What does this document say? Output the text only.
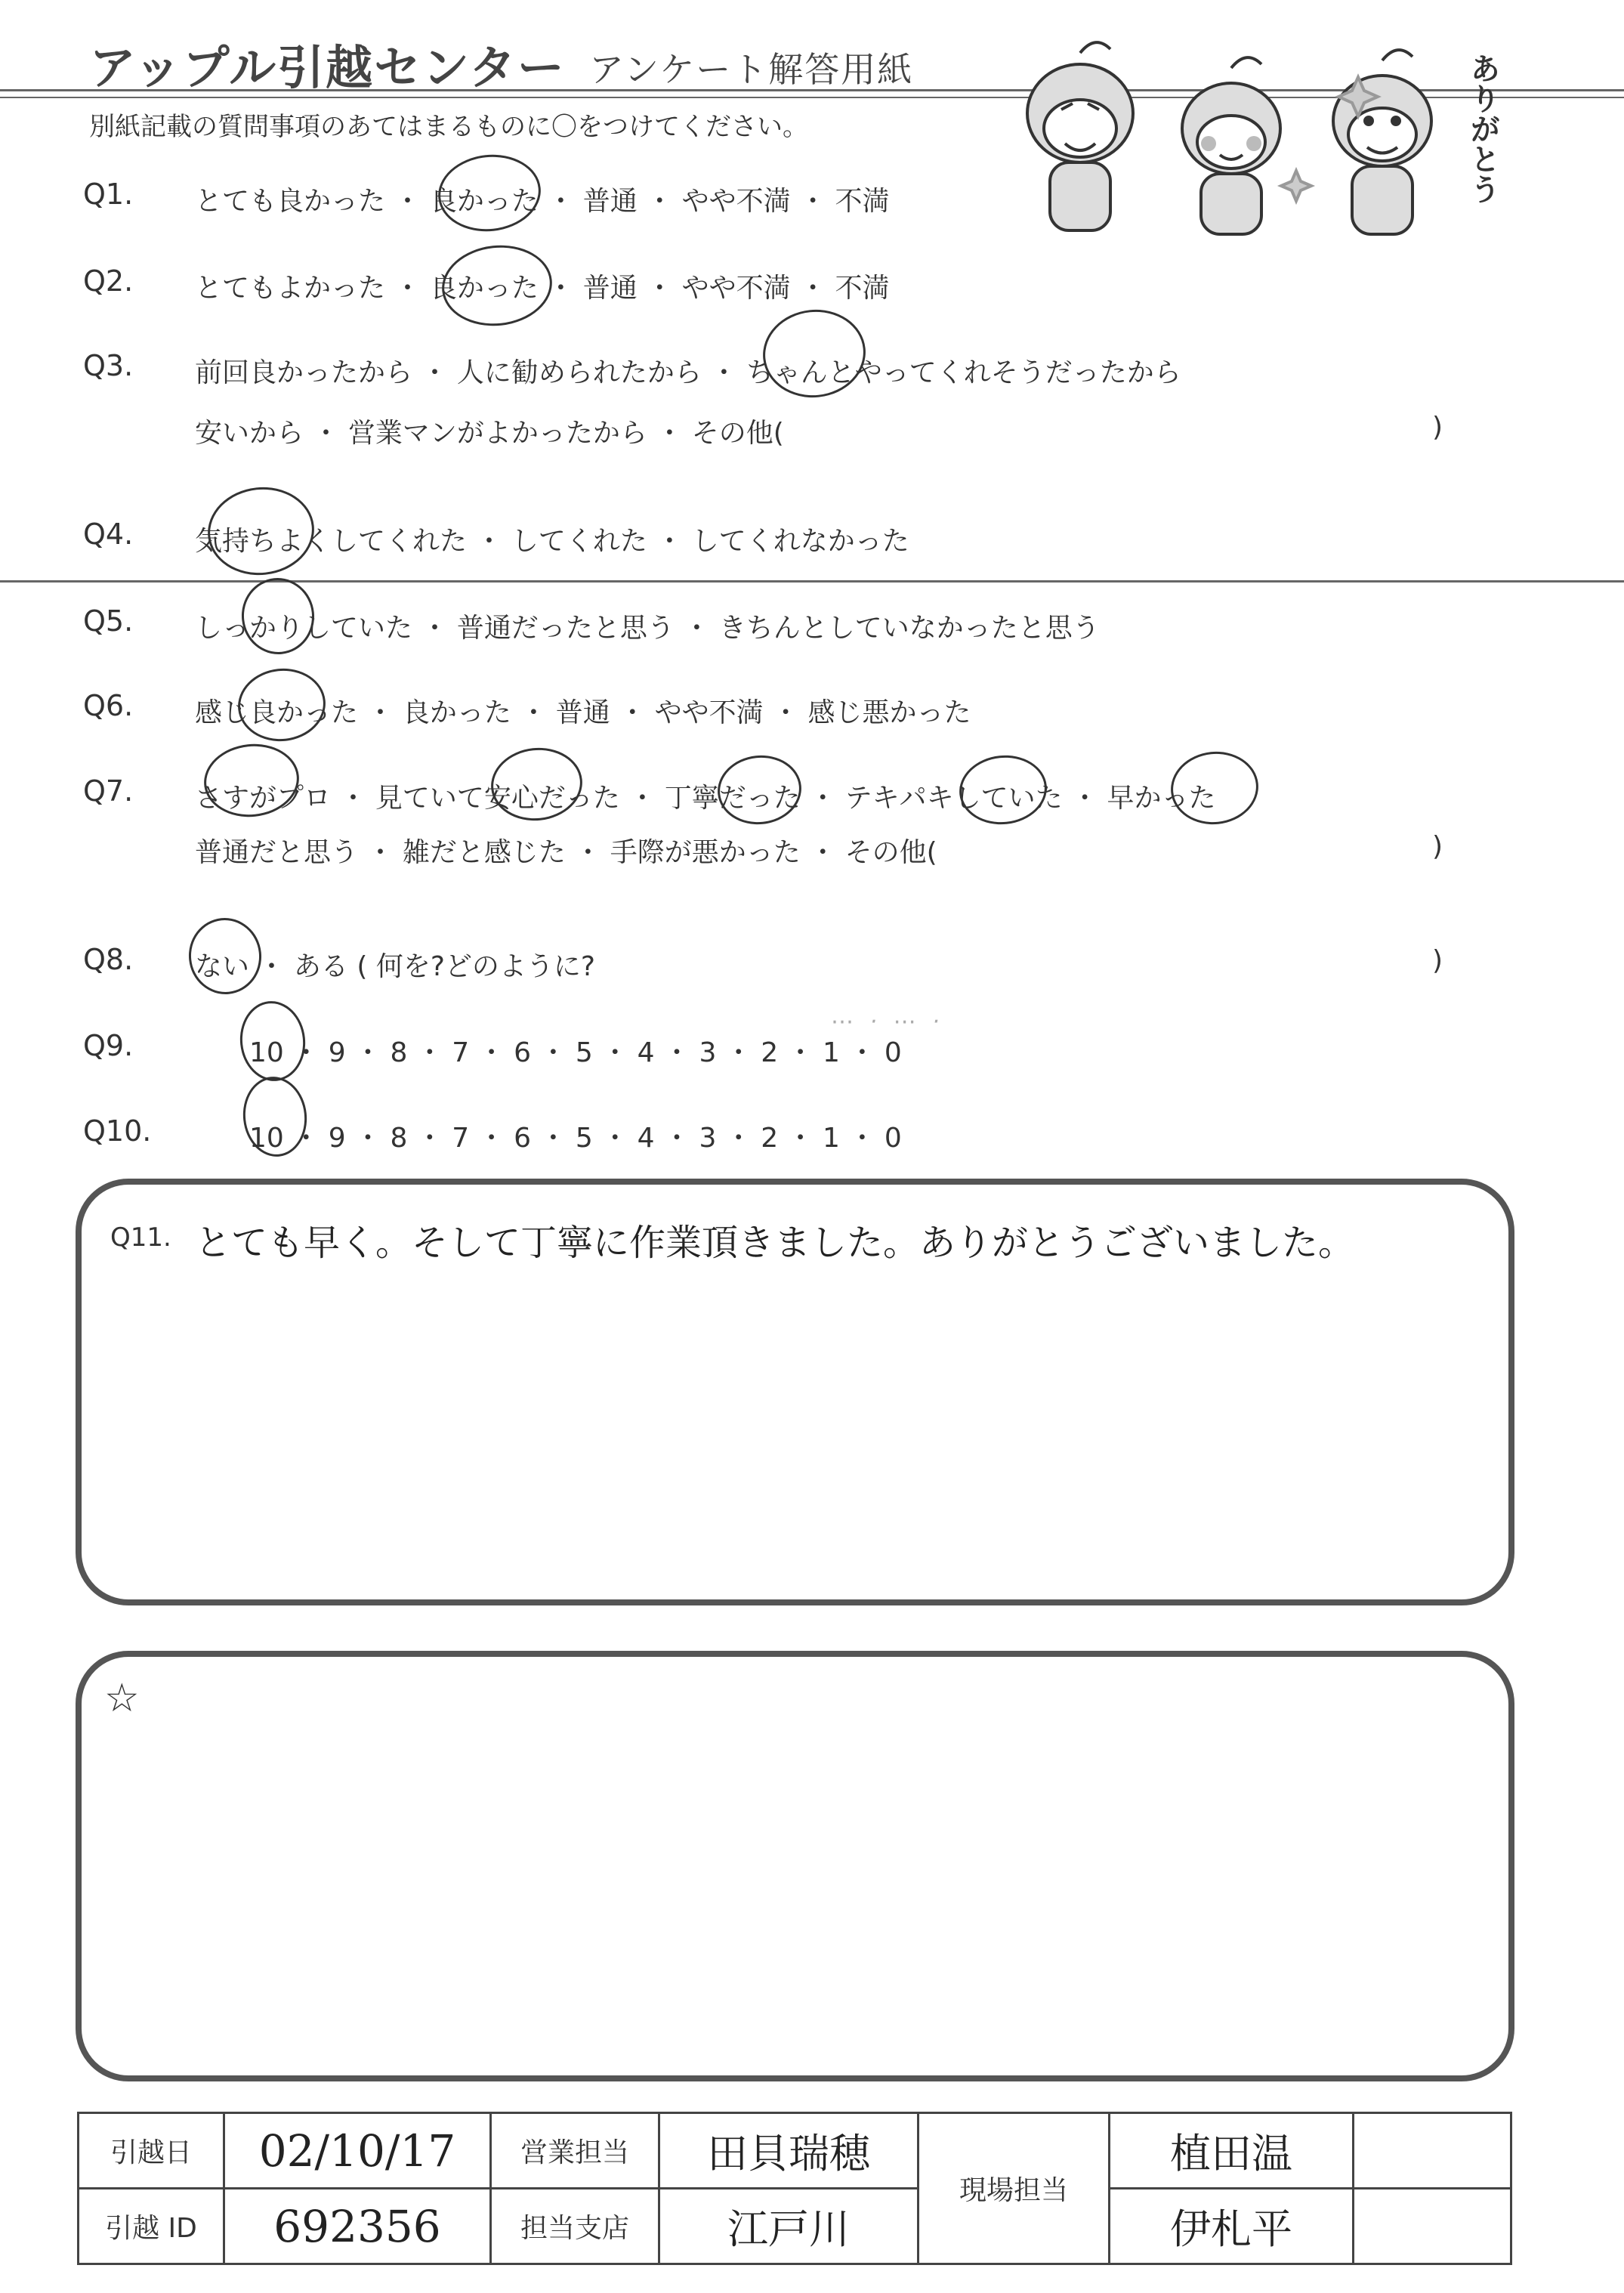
アップル引越センター アンケート解答用紙
別紙記載の質問事項のあてはまるものに〇をつけてください。	ありがとう
Q1. とても良かった ・ 良かった ・ 普通 ・ やや不満 ・ 不満
Q2. とてもよかった ・ 良かった ・ 普通 ・ やや不満 ・ 不満
Q3. 前回良かったから ・ 人に勧められたから ・ ちゃんとやってくれそうだったから
安いから ・ 営業マンがよかったから ・ その他(	)
Q4. 気持ちよくしてくれた ・ してくれた ・ してくれなかった
Q5. しっかりしていた ・ 普通だったと思う ・ きちんとしていなかったと思う
Q6. 感じ良かった ・ 良かった ・ 普通 ・ やや不満 ・ 感じ悪かった
Q7. さすがプロ ・ 見ていて安心だった ・ 丁寧だった ・ テキパキしていた ・ 早かった
普通だと思う ・ 雑だと感じた ・ 手際が悪かった ・ その他(	)
Q8. ない ・ ある ( 何を?どのように?	)
Q9.	10 ・ 9 ・ 8 ・ 7 ・ 6 ・ 5 ・ 4 ・ 3 ・ 2 ・ 1 ・ 0
⋯ · ⋯ ·
Q10.	10 ・ 9 ・ 8 ・ 7 ・ 6 ・ 5 ・ 4 ・ 3 ・ 2 ・ 1 ・ 0
Q11. とても早く。そして丁寧に作業頂きました。ありがとうございました。
☆
引越日	02/10/17	営業担当	田貝瑞穂	現場担当	植田温	
引越 ID	692356	担当支店	江戸川		伊札平	
